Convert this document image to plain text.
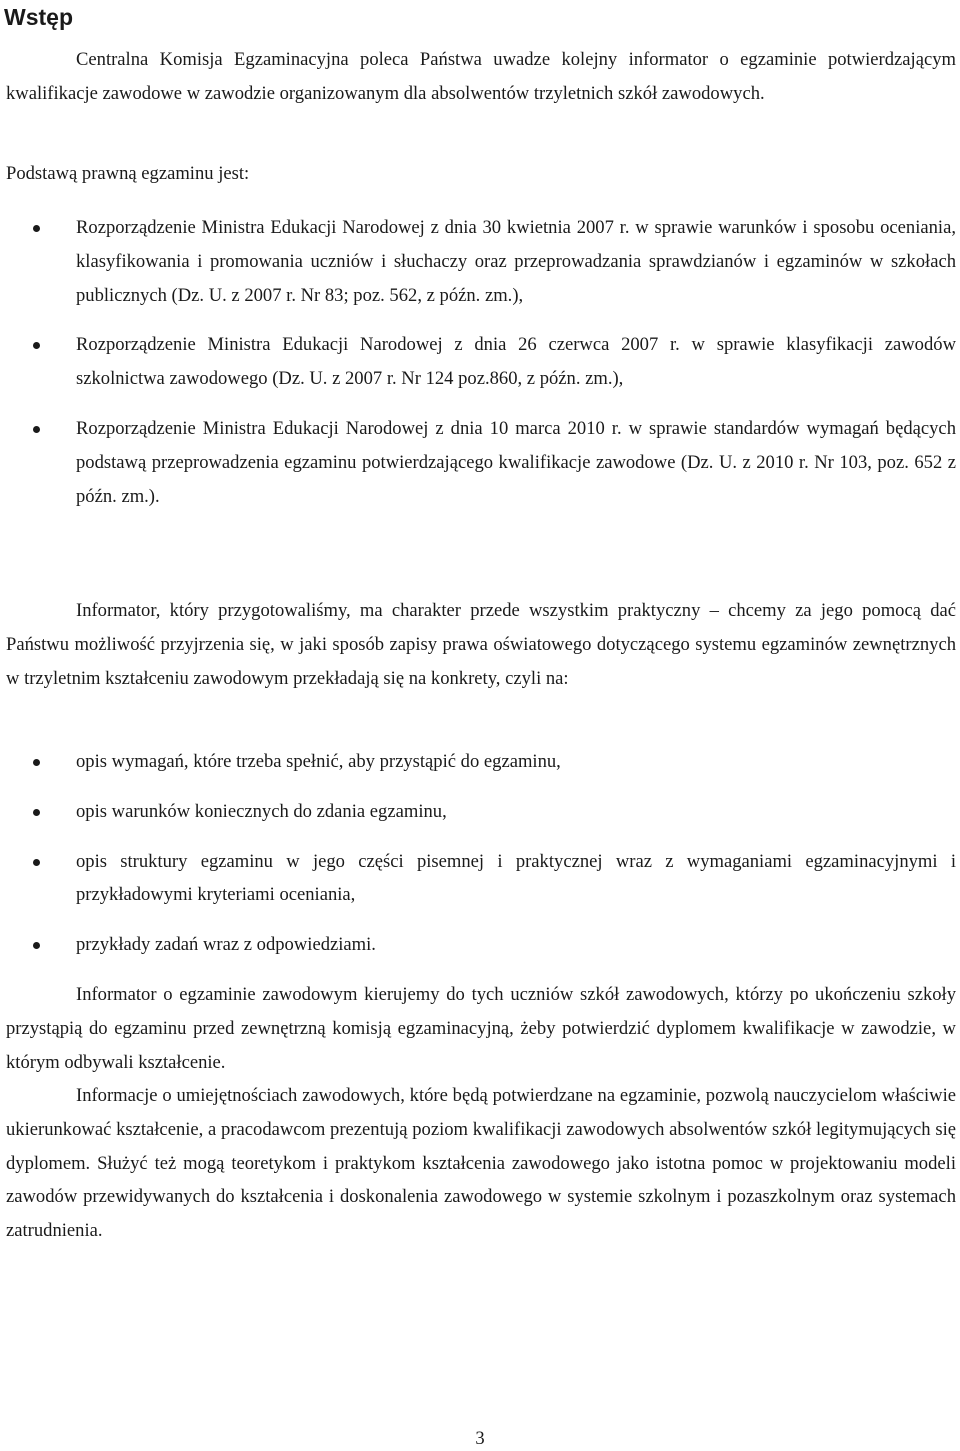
Wstęp

Centralna Komisja Egzaminacyjna poleca Państwa uwadze kolejny informator o egzaminie potwierdzającym kwalifikacje zawodowe w zawodzie organizowanym dla absolwentów trzyletnich szkół zawodowych.

Podstawą prawną egzaminu jest:

Rozporządzenie Ministra Edukacji Narodowej z dnia 30 kwietnia 2007 r. w sprawie warunków i sposobu oceniania, klasyfikowania i promowania uczniów i słuchaczy oraz przeprowadzania sprawdzianów i egzaminów w szkołach publicznych (Dz. U. z 2007 r. Nr 83; poz. 562, z późn. zm.),
Rozporządzenie Ministra Edukacji Narodowej z dnia 26 czerwca 2007 r. w sprawie klasyfikacji zawodów szkolnictwa zawodowego (Dz. U. z 2007 r. Nr 124 poz.860, z późn. zm.),
Rozporządzenie Ministra Edukacji Narodowej z dnia 10 marca 2010 r. w sprawie standardów wymagań będących podstawą przeprowadzenia egzaminu potwierdzającego kwalifikacje zawodowe (Dz. U. z 2010 r. Nr 103, poz. 652 z późn. zm.).

Informator, który przygotowaliśmy, ma charakter przede wszystkim praktyczny – chcemy za jego pomocą dać Państwu możliwość przyjrzenia się, w jaki sposób zapisy prawa oświatowego dotyczącego systemu egzaminów zewnętrznych w trzyletnim kształceniu zawodowym przekładają się na konkrety, czyli na:

opis wymagań, które trzeba spełnić, aby przystąpić do egzaminu,
opis warunków koniecznych do zdania egzaminu,
opis struktury egzaminu w jego części pisemnej i praktycznej wraz z wymaganiami egzaminacyjnymi i przykładowymi kryteriami oceniania,
przykłady zadań wraz z odpowiedziami.

Informator o egzaminie zawodowym kierujemy do tych uczniów szkół zawodowych, którzy po ukończeniu szkoły przystąpią do egzaminu przed zewnętrzną komisją egzaminacyjną, żeby potwierdzić dyplomem kwalifikacje w zawodzie, w którym odbywali kształcenie.

Informacje o umiejętnościach zawodowych, które będą potwierdzane na egzaminie, pozwolą nauczycielom właściwie ukierunkować kształcenie, a pracodawcom prezentują poziom kwalifikacji zawodowych absolwentów szkół legitymujących się dyplomem. Służyć też mogą teoretykom i praktykom kształcenia zawodowego jako istotna pomoc w projektowaniu modeli zawodów przewidywanych do kształcenia i doskonalenia zawodowego w systemie szkolnym i pozaszkolnym oraz systemach zatrudnienia.

3
